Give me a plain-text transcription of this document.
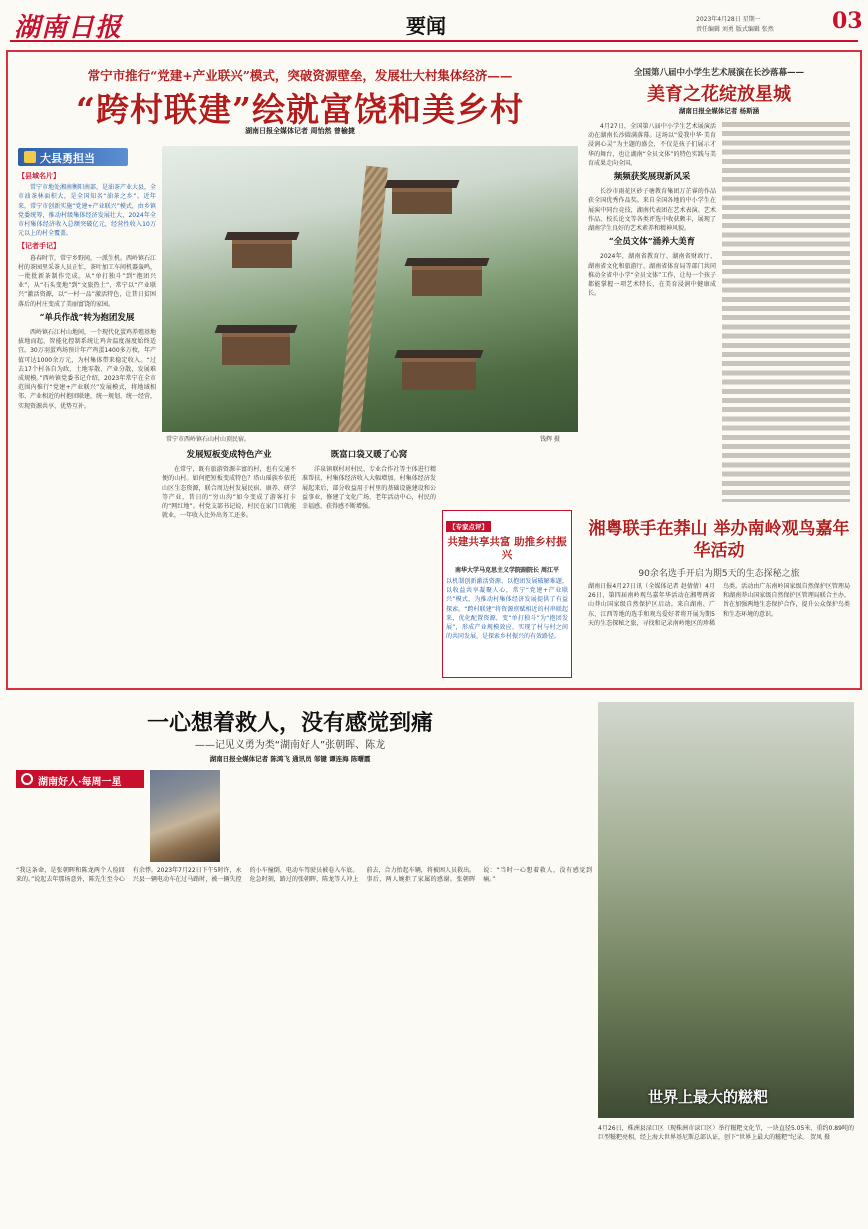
湖南日报	要闻	2023年4月28日 星期一
责任编辑 刘勇 版式编辑 张然	03
常宁市推行“党建+产业联兴”模式，突破资源壁垒，发展壮大村集体经济——
“跨村联建”绘就富饶和美乡村
湖南日报全媒体记者 周怡然 曾榆捷
大县勇担当
【县域名片】

常宁市地处湘南衡阳南部，是油茶产业大县，全市油茶林面积大，是全国知名“油茶之乡”。近年来，常宁市创新实施“党建+产业联兴”模式，由乡镇党委统筹，推动村级集体经济发展壮大，2024年全市村集体经济收入总额突破亿元，经营性收入10万元以上的村全覆盖。

【记者手记】

暮春时节，常宁乡野间，一派生机。西岭镇石江村的茶园里采茶人员正忙，茶叶加工车间机器轰鸣，一批批新茶制作完成。从“单打独斗”到“抱团兴业”，从“石头变地”到“文旅热土”，常宁以“产业联兴”激活资源，以“一村一品”激活特色，让昔日贫困落后的村庄变成了美丽富饶的家园。

“单兵作战”转为抱团发展

西岭镇石江村山地间，一个现代化蛋鸡养殖基地拔地而起，智能化控制系统让鸡舍温度湿度始终适宜。30万羽蛋鸡场预计年产鸡蛋1400多万枚，年产值可达1000余万元，为村集体带来稳定收入。“过去17个村各自为政，土地零散、产业分散，发展难成规模。”西岭镇党委书记介绍，2023年常宁在全市范围内推行“党建+产业联兴”发展模式，将地域相邻、产业相近的村抱团联建，统一规划、统一经营，实现资源共享、优势互补。

常宁市西岭镇石山村山顶民宿。	钱辉 摄
发展短板变成特色产业

在常宁，既有旅游资源丰富的村，也有交通不便的山村。如何把短板变成特色？塔山瑶族乡依托山区生态资源，联合周边村发展民宿、康养、研学等产业，昔日的“穷山沟”如今变成了游客打卡的“网红地”。村党支部书记说，村民在家门口就能就业，一年收入比外出务工还多。

既富口袋又暖了心窝

洋泉镇联村对村民、专业合作社等主体进行精准帮扶，村集体经济收入大幅增加。村集体经济发展起来后，部分收益用于村里的基础设施建设和公益事业，修建了文化广场、老年活动中心，村民的幸福感、获得感不断增强。

【专家点评】
共建共享共富 助推乡村振兴
南华大学马克思主义学院副院长 周江平
以机制创新激活资源、以抱团发展破解难题，以收益共享凝聚人心，常宁“党建+产业联兴”模式，为推动村集体经济发展提供了有益探索。“跨村联建”将资源禀赋相近的村串联起来，优化配置资源，变“单打独斗”为“抱团发展”，形成产业规模效应，实现了村与村之间的共同发展，是探索乡村振兴的有效路径。
全国第八届中小学生艺术展演在长沙落幕——
美育之花绽放星城
湖南日报全媒体记者 杨斯涵

4月27日，全国第八届中小学生艺术展演活动在湖南长沙圆满落幕。这场以“爱我中华·美育浸润心灵”为主题的盛会，不仅是孩子们展示才华的舞台，也让湖南“全员文体”的特色实践与美育成果走向全国。

频频获奖展现新风采

长沙市雨花区砂子塘教育集团万芷睿的作品获全国优秀作品奖。来自全国各地的中小学生在展演中同台竞技，湖南代表团在艺术表演、艺术作品、校长论文等各类评选中收获颇丰，展现了湖南学生良好的艺术素养和精神风貌。

“全员文体”涌养大美育

2024年，湖南省教育厅、湖南省财政厅、湖南省文化和旅游厅、湖南省体育局等部门共同推动全省中小学“全员文体”工作，让每一个孩子都能掌握一项艺术特长，在美育浸润中健康成长。

湘粤联手在莽山 举办南岭观鸟嘉年华活动
90余名选手开启为期5天的生态探秘之旅
湖南日报4月27日讯（全媒体记者 赵倩倩）4月26日，第四届南岭观鸟嘉年华活动在湘粤两省山莽山国家级自然保护区启动。来自湖南、广东、江西等地的选手和观鸟爱好者将开展为期5天的生态探秘之旅，寻找和记录南岭地区的珍稀鸟类。活动由广东南岭国家级自然保护区管理局和湖南莽山国家级自然保护区管理局联合主办，旨在加强两地生态保护合作，提升公众保护鸟类和生态环境的意识。
一心想着救人，没有感觉到痛
——记见义勇为类“湖南好人”张朝晖、陈龙
湖南日报全媒体记者 陈鸿飞 通讯员 邹键 谭连海 陈曙霞
湖南好人·每周一星
“我这条命，是张朝晖和陈龙两个人捡回来的。”说起去年那场意外，陈先生至今心有余悸。2023年7月22日下午5时许，永兴县一辆电动车在过马路时，被一辆失控的小车撞倒，电动车驾驶员被卷入车底。危急时刻，路过的张朝晖、陈龙等人冲上前去，合力抬起车辆，将被困人员救出。事后，两人婉拒了家属的感谢。张朝晖说：“当时一心想着救人，没有感觉到痛。”
世界上最大的糍粑
4月26日，株洲县渌口区（现株洲市渌口区）举行糍粑文化节，一块直径5.05米、重约0.89吨的巨型糍粑亮相，经上海大世界基尼斯总部认证，创下“世界上最大的糍粑”纪录。 贺凤 摄
